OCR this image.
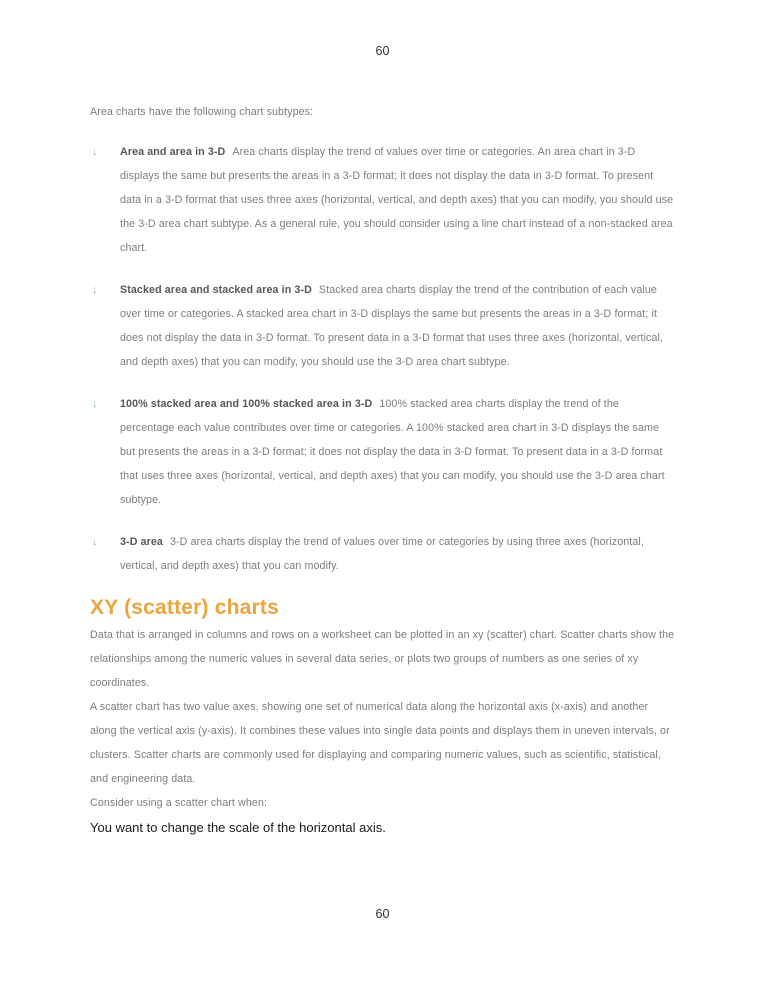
60

Area charts have the following chart subtypes:

↓ Area and area in 3-D Area charts display the trend of values over time or categories. An area chart in 3-D displays the same but presents the areas in a 3-D format; it does not display the data in 3-D format. To present data in a 3-D format that uses three axes (horizontal, vertical, and depth axes) that you can modify, you should use the 3-D area chart subtype. As a general rule, you should consider using a line chart instead of a non-stacked area chart.
↓ Stacked area and stacked area in 3-D Stacked area charts display the trend of the contribution of each value over time or categories. A stacked area chart in 3-D displays the same but presents the areas in a 3-D format; it does not display the data in 3-D format. To present data in a 3-D format that uses three axes (horizontal, vertical, and depth axes) that you can modify, you should use the 3-D area chart subtype.
↓ 100% stacked area and 100% stacked area in 3-D 100% stacked area charts display the trend of the percentage each value contributes over time or categories. A 100% stacked area chart in 3-D displays the same but presents the areas in a 3-D format; it does not display the data in 3-D format. To present data in a 3-D format that uses three axes (horizontal, vertical, and depth axes) that you can modify, you should use the 3-D area chart subtype.
↓ 3-D area 3-D area charts display the trend of values over time or categories by using three axes (horizontal, vertical, and depth axes) that you can modify.
XY (scatter) charts

Data that is arranged in columns and rows on a worksheet can be plotted in an xy (scatter) chart. Scatter charts show the relationships among the numeric values in several data series, or plots two groups of numbers as one series of xy coordinates.

A scatter chart has two value axes, showing one set of numerical data along the horizontal axis (x-axis) and another along the vertical axis (y-axis). It combines these values into single data points and displays them in uneven intervals, or clusters. Scatter charts are commonly used for displaying and comparing numeric values, such as scientific, statistical, and engineering data.

Consider using a scatter chart when:

You want to change the scale of the horizontal axis.

60
